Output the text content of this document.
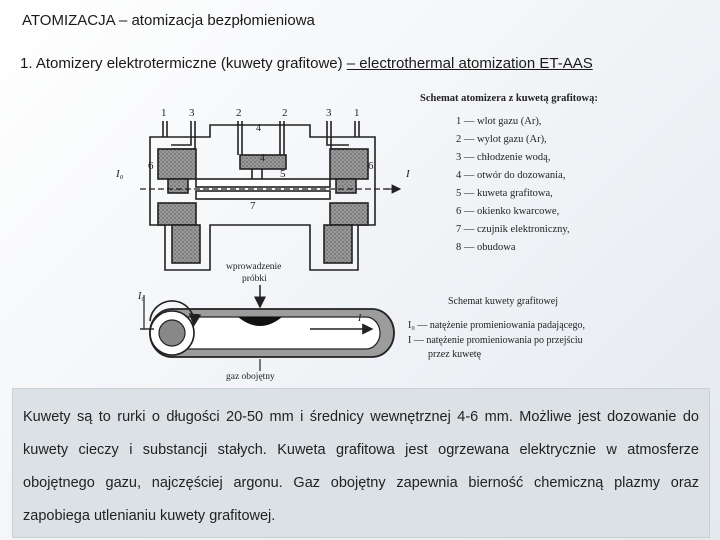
ATOMIZACJA – atomizacja bezpłomieniowa
1. Atomizery elektrotermiczne (kuwety grafitowe) – electrothermal atomization ET-AAS
1 3	2	2	3 1
4
6
4
5
6
7
I₀	I
Schemat atomizera z kuwetą grafitową:
1 — wlot gazu (Ar),
2 — wylot gazu (Ar),
3 — chłodzenie wodą,
4 — otwór do dozowania,
5 — kuweta grafitowa,
6 — okienko kwarcowe,
7 — czujnik elektroniczny,
8 — obudowa
wprowadzenie
próbki
I₀
I
gaz obojętny
Schemat kuwety grafitowej
I₀ — natężenie promieniowania padającego,
I — natężenie promieniowania po przejściu
przez kuwetę

Kuwety są to rurki o długości 20-50 mm i średnicy wewnętrznej 4-6 mm. Możliwe jest dozowanie do kuwety cieczy i substancji stałych. Kuweta grafitowa jest ogrzewana elektrycznie w atmosferze obojętnego gazu, najczęściej argonu. Gaz obojętny zapewnia bierność chemiczną plazmy oraz zapobiega utlenianiu kuwety grafitowej.
